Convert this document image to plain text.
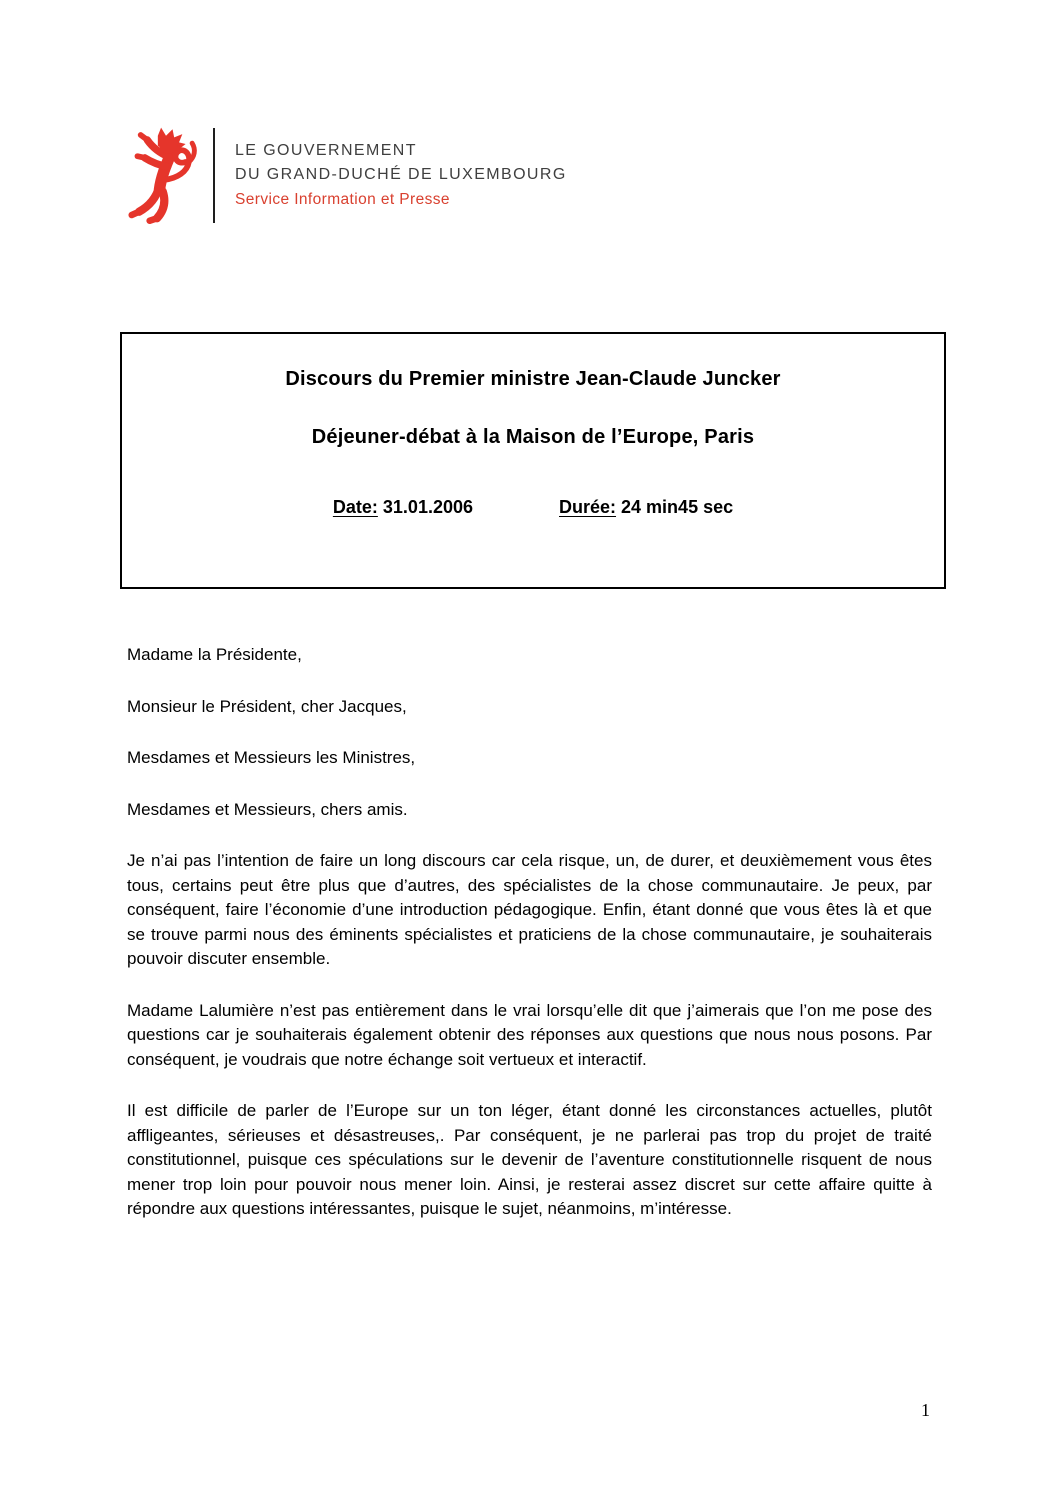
LE GOUVERNEMENT
DU GRAND-DUCHÉ DE LUXEMBOURG
Service Information et Presse
Discours du Premier ministre Jean-Claude Juncker
Déjeuner-débat à la Maison de l’Europe, Paris
Date: 31.01.2006	Durée: 24 min45 sec

Madame la Présidente,

Monsieur le Président, cher Jacques,

Mesdames et Messieurs les Ministres,

Mesdames et Messieurs, chers amis.

Je n’ai pas l’intention de faire un long discours car cela risque, un, de durer, et deuxièmement vous êtes tous, certains peut être plus que d’autres, des spécialistes de la chose communautaire. Je peux, par conséquent, faire l’économie d’une introduction pédagogique. Enfin, étant donné que vous êtes là et que se trouve parmi nous des éminents spécialistes et praticiens de la chose communautaire, je souhaiterais pouvoir discuter ensemble.

Madame Lalumière n’est pas entièrement dans le vrai lorsqu’elle dit que j’aimerais que l’on me pose des questions car je souhaiterais également obtenir des réponses aux questions que nous nous posons. Par conséquent, je voudrais que notre échange soit vertueux et interactif.

Il est difficile de parler de l’Europe sur un ton léger, étant donné les circonstances actuelles, plutôt affligeantes, sérieuses et désastreuses,. Par conséquent, je ne parlerai pas trop du projet de traité constitutionnel, puisque ces spéculations sur le devenir de l’aventure constitutionnelle risquent de nous mener trop loin pour pouvoir nous mener loin. Ainsi, je resterai assez discret sur cette affaire quitte à répondre aux questions intéressantes, puisque le sujet, néanmoins, m’intéresse.

1
